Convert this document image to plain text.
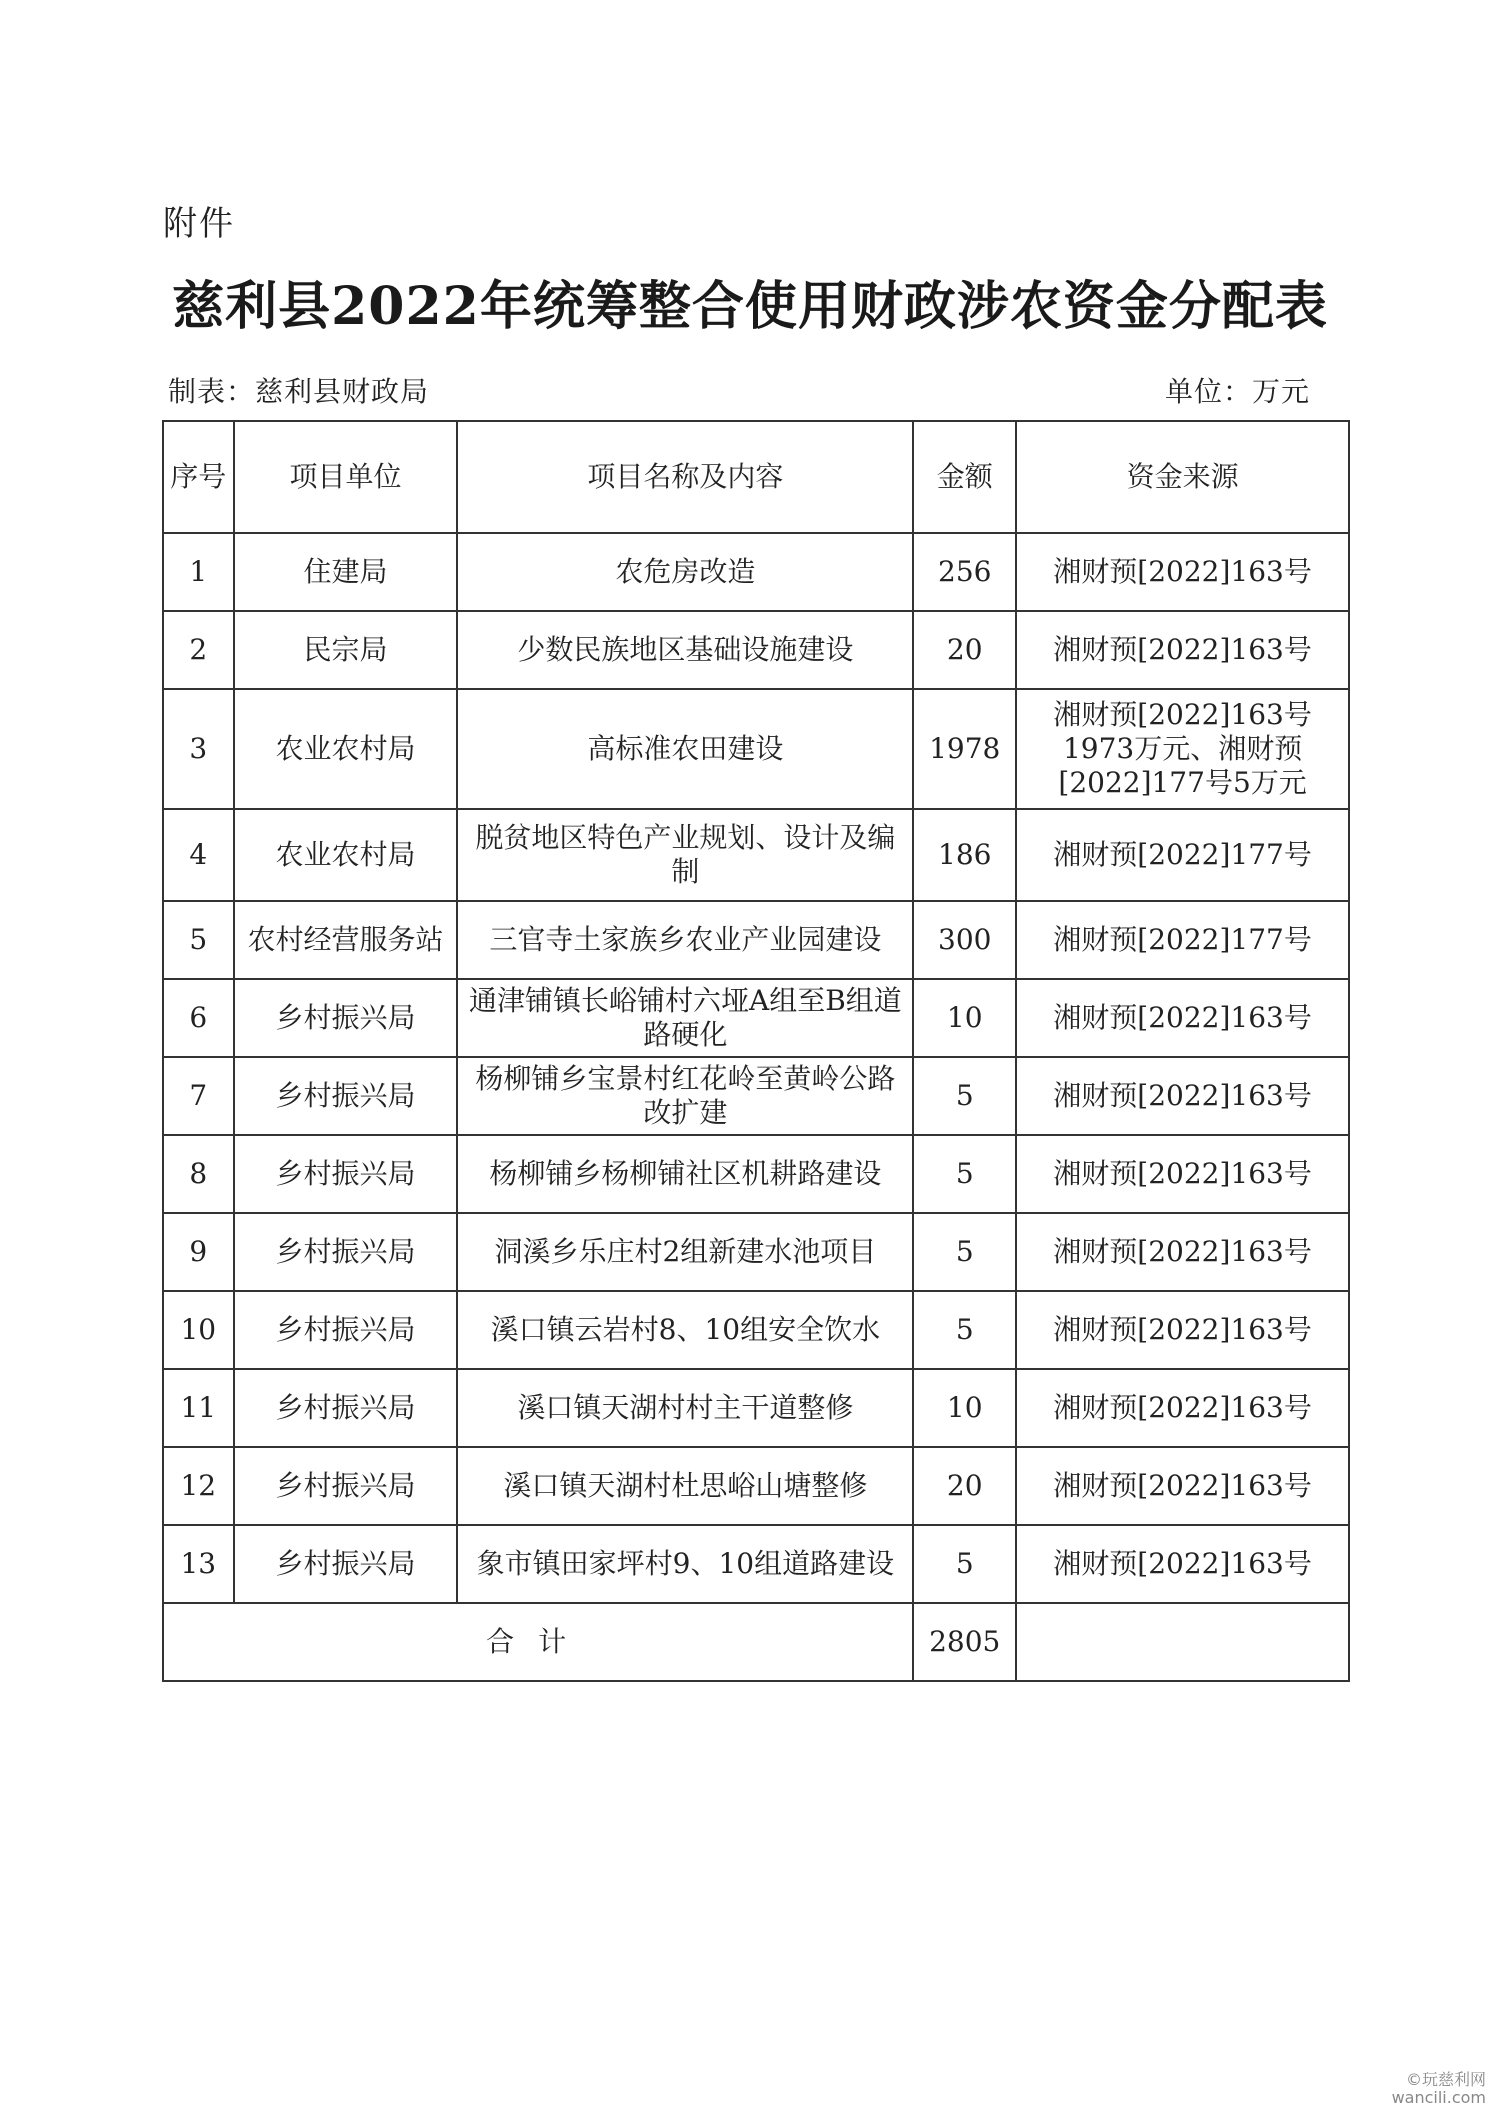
附件
慈利县2022年统筹整合使用财政涉农资金分配表
制表：慈利县财政局	单位：万元
序号	项目单位	项目名称及内容	金额	资金来源
1	住建局	农危房改造	256	湘财预[2022]163号
2	民宗局	少数民族地区基础设施建设	20	湘财预[2022]163号
3	农业农村局	高标准农田建设	1978	湘财预[2022]163号1973万元、湘财预[2022]177号5万元
4	农业农村局	脱贫地区特色产业规划、设计及编制	186	湘财预[2022]177号
5	农村经营服务站	三官寺土家族乡农业产业园建设	300	湘财预[2022]177号
6	乡村振兴局	通津铺镇长峪铺村六垭A组至B组道路硬化	10	湘财预[2022]163号
7	乡村振兴局	杨柳铺乡宝景村红花岭至黄岭公路改扩建	5	湘财预[2022]163号
8	乡村振兴局	杨柳铺乡杨柳铺社区机耕路建设	5	湘财预[2022]163号
9	乡村振兴局	洞溪乡乐庄村2组新建水池项目	5	湘财预[2022]163号
10	乡村振兴局	溪口镇云岩村8、10组安全饮水	5	湘财预[2022]163号
11	乡村振兴局	溪口镇天湖村村主干道整修	10	湘财预[2022]163号
12	乡村振兴局	溪口镇天湖村杜思峪山塘整修	20	湘财预[2022]163号
13	乡村振兴局	象市镇田家坪村9、10组道路建设	5	湘财预[2022]163号
合计			2805	
©玩慈利网
wancili.com
